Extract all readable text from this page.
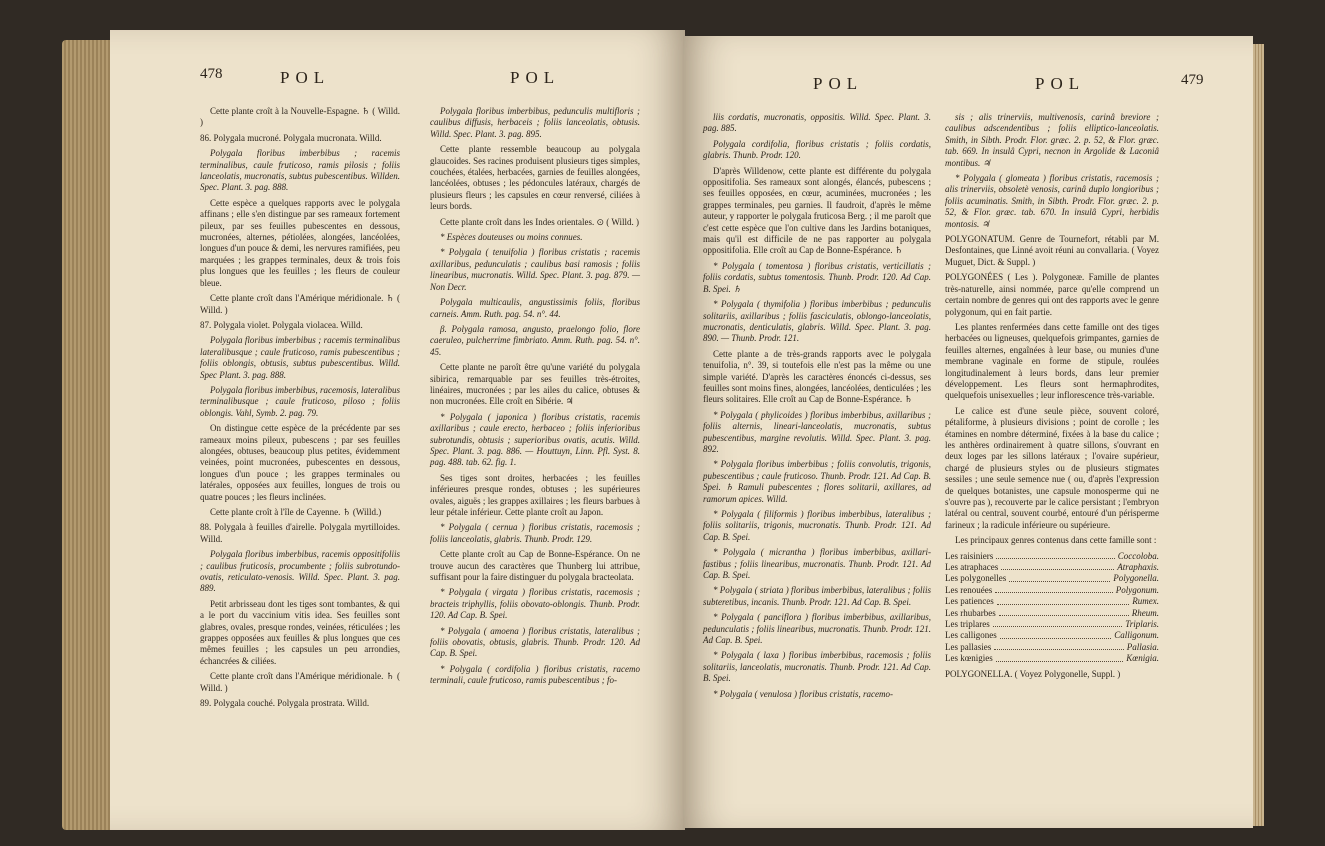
478	POL	POL

Cette plante croît à la Nouvelle-Espagne. ♄ ( Willd. )

86. Polygala mucroné. Polygala mucronata. Willd.

Polygala floribus imberbibus ; racemis terminalibus, caule fruticoso, ramis pilosis ; foliis lanceolatis, mucronatis, subtus pubescentibus. Willden. Spec. Plant. 3. pag. 888.

Cette espèce a quelques rapports avec le polygala affinans ; elle s'en distingue par ses rameaux fortement pileux, par ses feuilles pubescentes en dessous, mucronées, alternes, pétiolées, alongées, lancéolées, longues d'un pouce & demi, les nervures ramifiées, peu marquées ; les grappes terminales, deux & trois fois plus longues que les feuilles ; les fleurs de couleur bleue.

Cette plante croît dans l'Amérique méridionale. ♄ ( Willd. )

87. Polygala violet. Polygala violacea. Willd.

Polygala floribus imberbibus ; racemis terminalibus lateralibusque ; caule fruticoso, ramis pubescentibus ; foliis oblongis, obtusis, subtus pubescentibus. Willd. Spec Plant. 3. pag. 888.

Polygala floribus imberbibus, racemosis, lateralibus terminalibusque ; caule fruticoso, piloso ; foliis oblongis. Vahl, Symb. 2. pag. 79.

On distingue cette espèce de la précédente par ses rameaux moins pileux, pubescens ; par ses feuilles alongées, obtuses, beaucoup plus petites, évidemment veinées, point mucronées, pubescentes en dessous, longues d'un pouce ; les grappes terminales ou latérales, opposées aux feuilles, longues de trois ou quatre pouces ; les fleurs inclinées.

Cette plante croît à l'île de Cayenne. ♄ (Willd.)

88. Polygala à feuilles d'airelle. Polygala myrtilloides. Willd.

Polygala floribus imberbibus, racemis oppositifoliis ; caulibus fruticosis, procumbente ; foliis subrotundo-ovatis, reticulato-venosis. Willd. Spec. Plant. 3. pag. 889.

Petit arbrisseau dont les tiges sont tombantes, & qui a le port du vaccinium vitis idea. Ses feuilles sont glabres, ovales, presque rondes, veinées, réticulées ; les grappes opposées aux feuilles & plus longues que ces mêmes feuilles ; les capsules un peu arrondies, échancrées & ciliées.

Cette plante croît dans l'Amérique méridionale. ♄ ( Willd. )

89. Polygala couché. Polygala prostrata. Willd.

Polygala floribus imberbibus, pedunculis multifloris ; caulibus diffusis, herbaceis ; foliis lanceolatis, obtusis. Willd. Spec. Plant. 3. pag. 895.

Cette plante ressemble beaucoup au polygala glaucoides. Ses racines produisent plusieurs tiges simples, couchées, étalées, herbacées, garnies de feuilles alongées, lancéolées, obtuses ; les pédoncules latéraux, chargés de plusieurs fleurs ; les capsules en cœur renversé, ciliées à leurs bords.

Cette plante croît dans les Indes orientales. ⊙ ( Willd. )

* Espèces douteuses ou moins connues.

* Polygala ( tenuifolia ) floribus cristatis ; racemis axillaribus, pedunculatis ; caulibus basi ramosis ; foliis linearibus, mucronatis. Willd. Spec. Plant. 3. pag. 879. — Non Decr.

Polygala multicaulis, angustissimis foliis, floribus carneis. Amm. Ruth. pag. 54. n°. 44.

β. Polygala ramosa, angusto, praelongo folio, flore caeruleo, pulcherrime fimbriato. Amm. Ruth. pag. 54. n°. 45.

Cette plante ne paroît être qu'une variété du polygala sibirica, remarquable par ses feuilles très-étroites, linéaires, mucronées ; par les ailes du calice, obtuses & non mucronées. Elle croît en Sibérie. ♃

* Polygala ( japonica ) floribus cristatis, racemis axillaribus ; caule erecto, herbaceo ; foliis inferioribus subrotundis, obtusis ; superioribus ovatis, acutis. Willd. Spec. Plant. 3. pag. 886. — Houttuyn, Linn. Pfl. Syst. 8. pag. 488. tab. 62. fig. 1.

Ses tiges sont droites, herbacées ; les feuilles inférieures presque rondes, obtuses ; les supérieures ovales, aiguës ; les grappes axillaires ; les fleurs barbues à leur pétale inférieur. Cette plante croît au Japon.

* Polygala ( cernua ) floribus cristatis, racemosis ; foliis lanceolatis, glabris. Thunb. Prodr. 129.

Cette plante croît au Cap de Bonne-Espérance. On ne trouve aucun des caractères que Thunberg lui attribue, suffisant pour la faire distinguer du polygala bracteolata.

* Polygala ( virgata ) floribus cristatis, racemosis ; bracteis triphyllis, foliis obovato-oblongis. Thunb. Prodr. 120. Ad Cap. B. Spei.

* Polygala ( amoena ) floribus cristatis, lateralibus ; foliis obovatis, obtusis, glabris. Thunb. Prodr. 120. Ad Cap. B. Spei.

* Polygala ( cordifolia ) floribus cristatis, racemo terminali, caule fruticoso, ramis pubescentibus ; fo-

POL	POL	479

liis cordatis, mucronatis, oppositis. Willd. Spec. Plant. 3. pag. 885.

Polygala cordifolia, floribus cristatis ; foliis cordatis, glabris. Thunb. Prodr. 120.

D'après Willdenow, cette plante est différente du polygala oppositifolia. Ses rameaux sont alongés, élancés, pubescens ; ses feuilles opposées, en cœur, acuminées, mucronées ; les grappes terminales, peu garnies. Il faudroit, d'après le même auteur, y rapporter le polygala fruticosa Berg. ; il me paroît que c'est cette espèce que l'on cultive dans les Jardins botaniques, mais qu'il est difficile de ne pas rapporter au polygala oppositifolia. Elle croît au Cap de Bonne-Espérance. ♄

* Polygala ( tomentosa ) floribus cristatis, verticillatis ; foliis cordatis, subtus tomentosis. Thunb. Prodr. 120. Ad Cap. B. Spei. ♄

* Polygala ( thymifolia ) floribus imberbibus ; pedunculis solitariis, axillaribus ; foliis fasciculatis, oblongo-lanceolatis, mucronatis, denticulatis, glabris. Willd. Spec. Plant. 3. pag. 890. — Thunb. Prodr. 121.

Cette plante a de très-grands rapports avec le polygala tenuifolia, n°. 39, si toutefois elle n'est pas la même ou une simple variété. D'après les caractères énoncés ci-dessus, ses feuilles sont moins fines, alongées, lancéolées, denticulées ; les fleurs solitaires. Elle croît au Cap de Bonne-Espérance. ♄

* Polygala ( phylicoides ) floribus imberbibus, axillaribus ; foliis alternis, lineari-lanceolatis, mucronatis, subtus pubescentibus, margine revolutis. Willd. Spec. Plant. 3. pag. 892.

* Polygala floribus imberbibus ; foliis convolutis, trigonis, pubescentibus ; caule fruticoso. Thunb. Prodr. 121. Ad Cap. B. Spei. ♄ Ramuli pubescentes ; flores solitarii, axillares, ad ramorum apices. Willd.

* Polygala ( filiformis ) floribus imberbibus, lateralibus ; foliis solitariis, trigonis, mucronatis. Thunb. Prodr. 121. Ad Cap. B. Spei.

* Polygala ( micrantha ) floribus imberbibus, axillari-fastibus ; foliis linearibus, mucronatis. Thunb. Prodr. 121. Ad Cap. B. Spei.

* Polygala ( striata ) floribus imberbibus, lateralibus ; foliis subteretibus, incanis. Thunb. Prodr. 121. Ad Cap. B. Spei.

* Polygala ( panciflora ) floribus imberbibus, axillaribus, pedunculatis ; foliis linearibus, mucronatis. Thunb. Prodr. 121. Ad Cap. B. Spei.

* Polygala ( laxa ) floribus imberbibus, racemosis ; foliis solitariis, lanceolatis, mucronatis. Thunb. Prodr. 121. Ad Cap. B. Spei.

* Polygala ( venulosa ) floribus cristatis, racemo-

sis ; alis trinerviis, multivenosis, carinâ breviore ; caulibus adscendentibus ; foliis elliptico-lanceolatis. Smith, in Sibth. Prodr. Flor. græc. 2. p. 52, & Flor. græc. tab. 669. In insulâ Cypri, necnon in Argolide & Laconiâ montibus. ♃

* Polygala ( glomeata ) floribus cristatis, racemosis ; alis trinerviis, obsoletè venosis, carinâ duplo longioribus ; foliis acuminatis. Smith, in Sibth. Prodr. Flor. græc. 2. p. 52, & Flor. græc. tab. 670. In insulâ Cypri, herbidis montosis. ♃

POLYGONATUM. Genre de Tournefort, rétabli par M. Desfontaines, que Linné avoit réuni au convallaria. ( Voyez Muguet, Dict. & Suppl. )

POLYGONÉES ( Les ). Polygoneæ. Famille de plantes très-naturelle, ainsi nommée, parce qu'elle comprend un certain nombre de genres qui ont des rapports avec le genre polygonum, qui en fait partie.

Les plantes renfermées dans cette famille ont des tiges herbacées ou ligneuses, quelquefois grimpantes, garnies de feuilles alternes, engaînées à leur base, ou munies d'une membrane vaginale en forme de stipule, roulées longitudinalement à leurs bords, dans leur premier développement. Les fleurs sont hermaphrodites, quelquefois unisexuelles ; leur inflorescence très-variable.

Le calice est d'une seule pièce, souvent coloré, pétaliforme, à plusieurs divisions ; point de corolle ; les étamines en nombre déterminé, fixées à la base du calice ; les anthères ordinairement à quatre sillons, s'ouvrant en deux loges par les sillons latéraux ; l'ovaire supérieur, chargé de plusieurs styles ou de plusieurs stigmates sessiles ; une seule semence nue ( ou, d'après l'expression de quelques botanistes, une capsule monosperme qui ne s'ouvre pas ), recouverte par le calice persistant ; l'embryon latéral ou central, souvent courbé, entouré d'un périsperme farineux ; la radicule inférieure ou supérieure.

Les principaux genres contenus dans cette famille sont :

Les raisiniers	Coccoloba.
Les atraphaces	Atraphaxis.
Les polygonelles	Polygonella.
Les renouées	Polygonum.
Les patiences	Rumex.
Les rhubarbes	Rheum.
Les triplares	Triplaris.
Les calligones	Calligonum.
Les pallasies	Pallasia.
Les kœnigies	Kœnigia.

POLYGONELLA. ( Voyez Polygonelle, Suppl. )
